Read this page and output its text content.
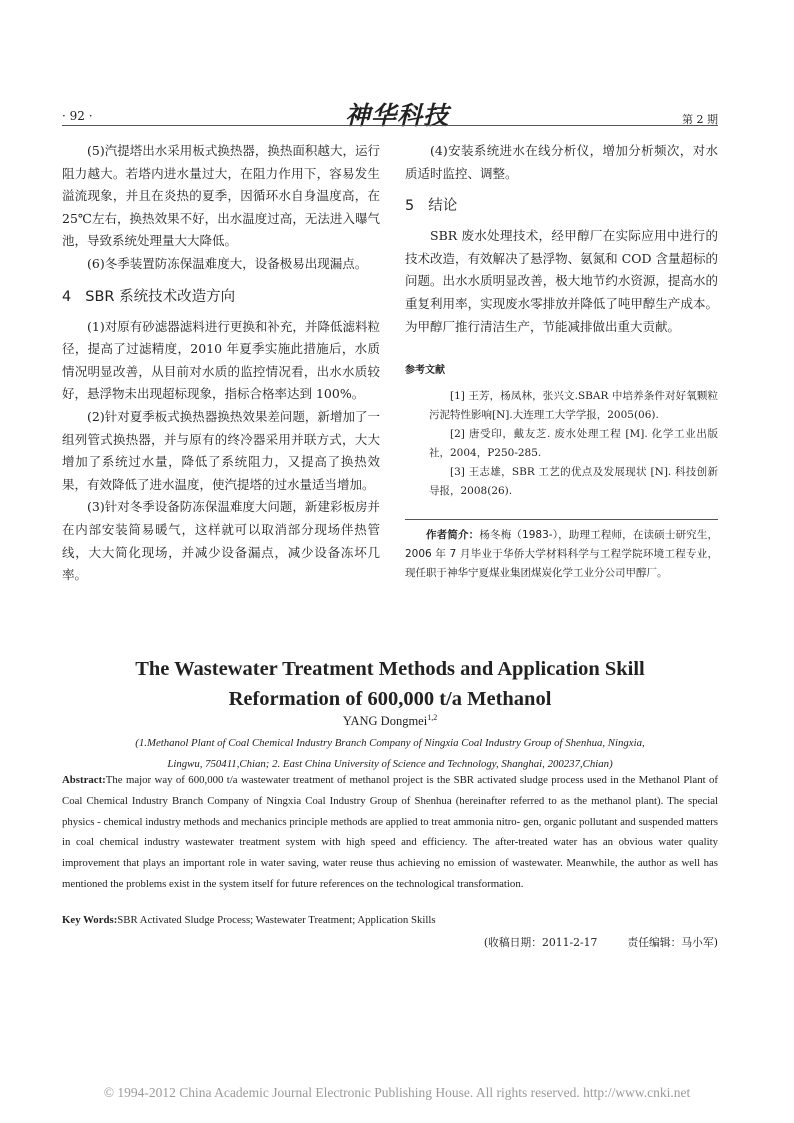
· 92 ·	神华科技	第 2 期

(5)汽提塔出水采用板式换热器，换热面积越大，运行阻力越大。若塔内进水量过大，在阻力作用下，容易发生溢流现象，并且在炎热的夏季，因循环水自身温度高，在 25℃左右，换热效果不好，出水温度过高，无法进入曝气池，导致系统处理量大大降低。

(6)冬季装置防冻保温难度大，设备极易出现漏点。

4 SBR 系统技术改造方向

(1)对原有砂滤器滤料进行更换和补充，并降低滤料粒径，提高了过滤精度，2010 年夏季实施此措施后，水质情况明显改善，从目前对水质的监控情况看，出水水质较好，悬浮物未出现超标现象，指标合格率达到 100%。

(2)针对夏季板式换热器换热效果差问题，新增加了一组列管式换热器，并与原有的终冷器采用并联方式，大大增加了系统过水量，降低了系统阻力，又提高了换热效果，有效降低了进水温度，使汽提塔的过水量适当增加。

(3)针对冬季设备防冻保温难度大问题，新建彩板房并在内部安装简易暖气，这样就可以取消部分现场伴热管线，大大简化现场，并减少设备漏点，减少设备冻坏几率。

(4)安装系统进水在线分析仪，增加分析频次，对水质适时监控、调整。

5 结论

SBR 废水处理技术，经甲醇厂在实际应用中进行的技术改造，有效解决了悬浮物、氨氮和 COD 含量超标的问题。出水水质明显改善，极大地节约水资源，提高水的重复利用率，实现废水零排放并降低了吨甲醇生产成本。为甲醇厂推行清洁生产，节能减排做出重大贡献。

参考文献

[1] 王芳，杨凤林，张兴文.SBAR 中培养条件对好氧颗粒污泥特性影响[N].大连理工大学学报，2005(06).

[2] 唐受印，戴友芝. 废水处理工程 [M]. 化学工业出版社，2004，P250-285.

[3] 王志雄，SBR 工艺的优点及发展现状 [N]. 科技创新导报，2008(26).

作者简介：杨冬梅（1983-），助理工程师，在读硕士研究生，2006 年 7 月毕业于华侨大学材料科学与工程学院环境工程专业，现任职于神华宁夏煤业集团煤炭化学工业分公司甲醇厂。
The Wastewater Treatment Methods and Application Skill
Reformation of 600,000 t/a Methanol
YANG Dongmei$^{1,2}$
(1.Methanol Plant of Coal Chemical Industry Branch Company of Ningxia Coal Industry Group of Shenhua, Ningxia,
Lingwu, 750411,Chian; 2. East China University of Science and Technology, Shanghai, 200237,Chian)
Abstract:The major way of 600,000 t/a wastewater treatment of methanol project is the SBR activated sludge process used in the Methanol Plant of Coal Chemical Industry Branch Company of Ningxia Coal Industry Group of Shenhua (hereinafter referred to as the methanol plant). The special physics - chemical industry methods and mechanics principle methods are applied to treat ammonia nitro- gen, organic pollutant and suspended matters in coal chemical industry wastewater treatment system with high speed and efficiency. The after-treated water has an obvious water quality improvement that plays an important role in water saving, water reuse thus achieving no emission of wastewater. Meanwhile, the author as well has mentioned the problems exist in the system itself for future references on the technological transformation.
Key Words:SBR Activated Sludge Process; Wastewater Treatment; Application Skills
(收稿日期：2011-2-17	责任编辑：马小军)
© 1994-2012 China Academic Journal Electronic Publishing House. All rights reserved. http://www.cnki.net
